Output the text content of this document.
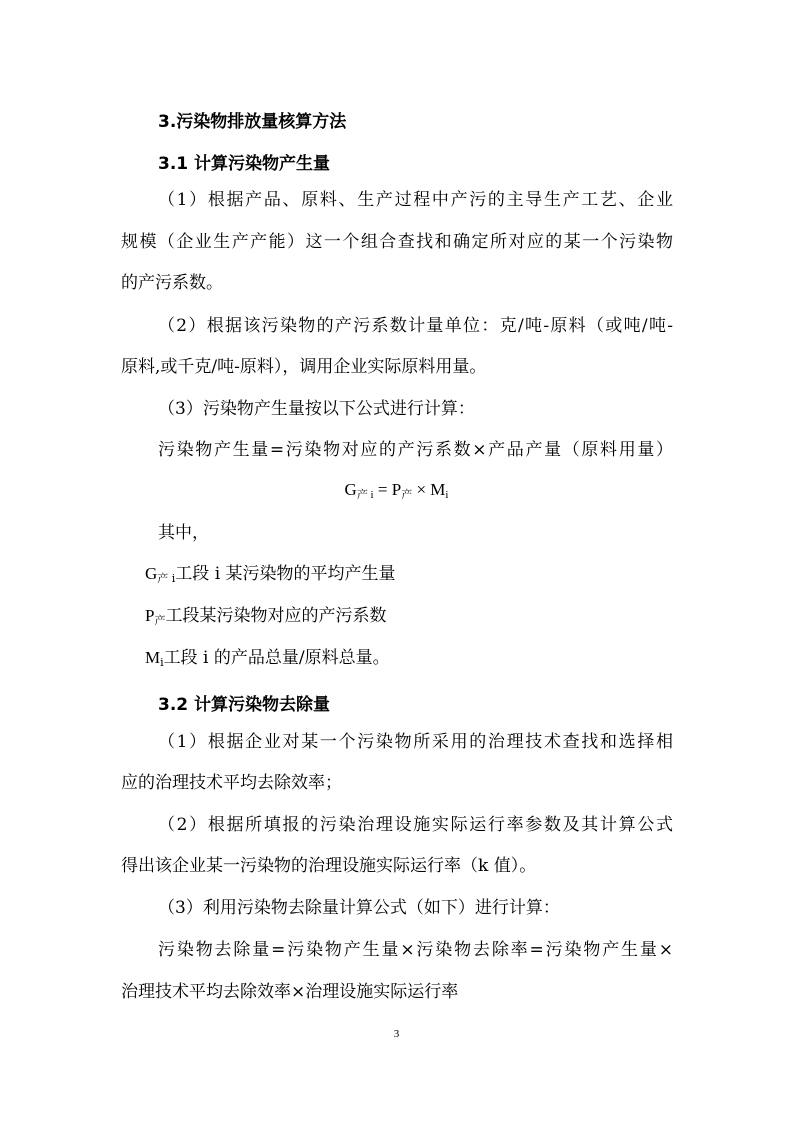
3.污染物排放量核算方法
3.1 计算污染物产生量
（1）根据产品、原料、生产过程中产污的主导生产工艺、企业
规模（企业生产产能）这一个组合查找和确定所对应的某一个污染物
的产污系数。
（2）根据该污染物的产污系数计量单位：克/吨-原料（或吨/吨-
原料,或千克/吨-原料），调用企业实际原料用量。
（3）污染物产生量按以下公式进行计算：
污染物产生量=污染物对应的产污系数×产品产量（原料用量）
$G_{产 i} = P_产 \times M_i$
其中，
$G_{产 i}$工段 i 某污染物的平均产生量
$P_产$工段某污染物对应的产污系数
$M_i$工段 i 的产品总量/原料总量。
3.2 计算污染物去除量
（1）根据企业对某一个污染物所采用的治理技术查找和选择相
应的治理技术平均去除效率；
（2）根据所填报的污染治理设施实际运行率参数及其计算公式
得出该企业某一污染物的治理设施实际运行率（k 值）。
（3）利用污染物去除量计算公式（如下）进行计算：
污染物去除量=污染物产生量×污染物去除率=污染物产生量×
治理技术平均去除效率×治理设施实际运行率
3
